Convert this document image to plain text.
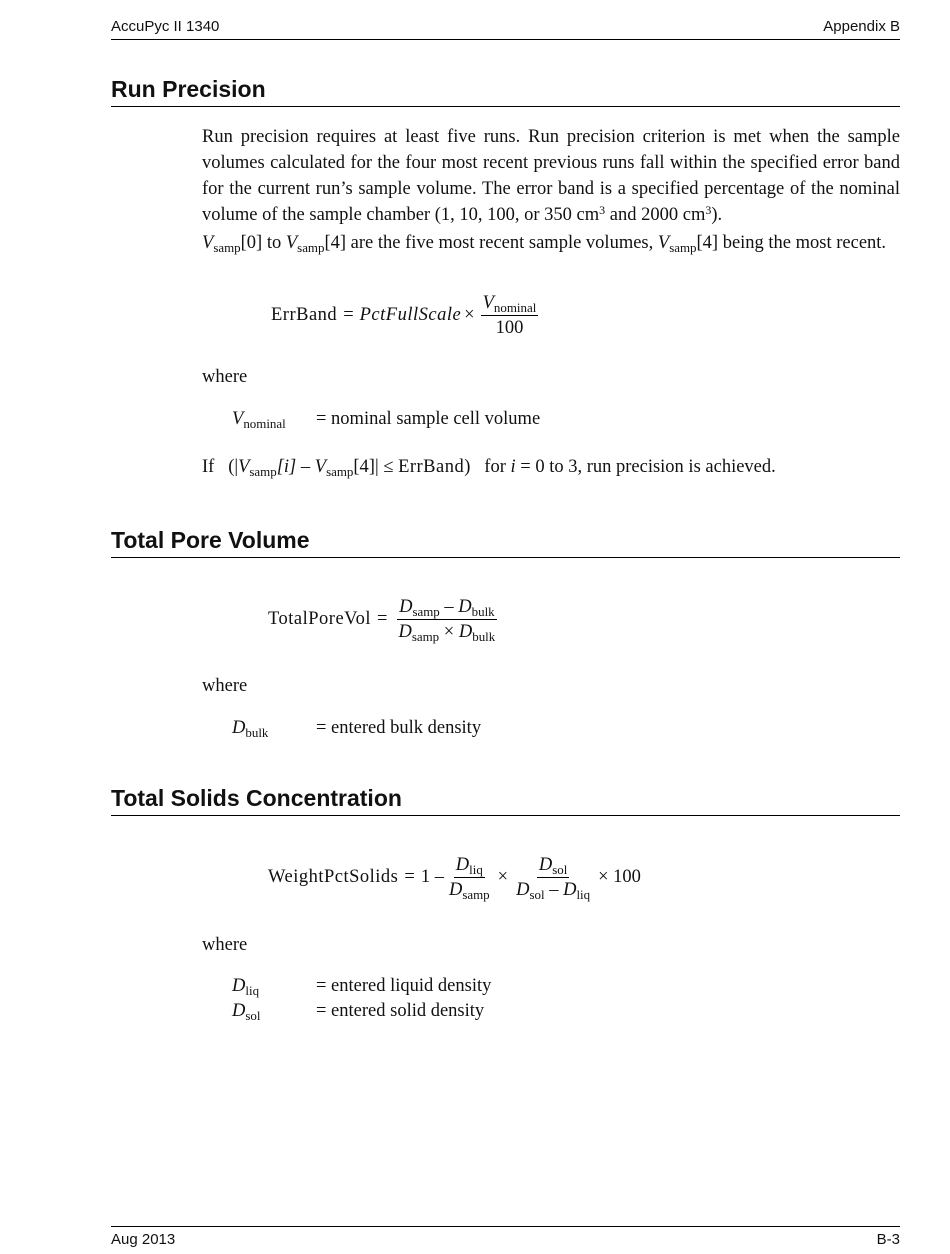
AccuPyc II 1340	Appendix B
Run Precision
Run precision requires at least five runs. Run precision criterion is met when the sample volumes calculated for the four most recent previous runs fall within the specified error band for the current run’s sample volume. The error band is a specified percentage of the nominal volume of the sample chamber (1, 10, 100, or 350 $cm^3$ and 2000 $cm^3$).
$V_{samp}[0]$ to $V_{samp}[4]$ are the five most recent sample volumes, $V_{samp}[4]$ being the most recent.
ErrBand = PctFullScale × $\frac{V_{nominal}}{100}$
where
$V_{nominal}$ = nominal sample cell volume
If ($|V_{samp}[i] - V_{samp}[4]|$ ≤ ErrBand) for i = 0 to 3, run precision is achieved.
Total Pore Volume
TotalPoreVol = $\frac{D_{samp} - D_{bulk}}{D_{samp} \times D_{bulk}}$
where
$D_{bulk}$	= entered bulk density
Total Solids Concentration
WeightPctSolids = $1 - \frac{D_{liq}}{D_{samp}} \times \frac{D_{sol}}{D_{sol} - D_{liq}} \times 100$
where
$D_{liq}$	= entered liquid density
$D_{sol}$	= entered solid density
Aug 2013	B-3
